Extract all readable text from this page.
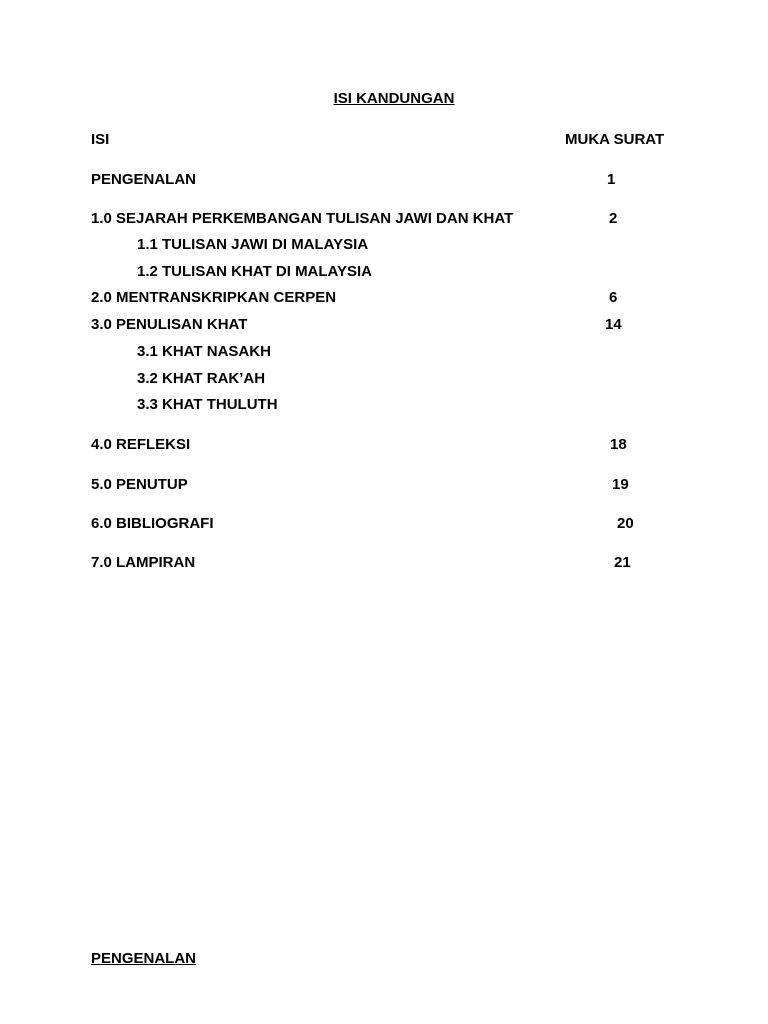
ISI KANDUNGAN
ISI	MUKA SURAT
PENGENALAN	1
1.0 SEJARAH PERKEMBANGAN TULISAN JAWI DAN KHAT	2
1.1 TULISAN JAWI DI MALAYSIA
1.2 TULISAN KHAT DI MALAYSIA
2.0 MENTRANSKRIPKAN CERPEN	6
3.0 PENULISAN KHAT	14
3.1 KHAT NASAKH
3.2 KHAT RAK’AH
3.3 KHAT THULUTH
4.0 REFLEKSI	18
5.0 PENUTUP	19
6.0 BIBLIOGRAFI	20
7.0 LAMPIRAN	21
PENGENALAN
